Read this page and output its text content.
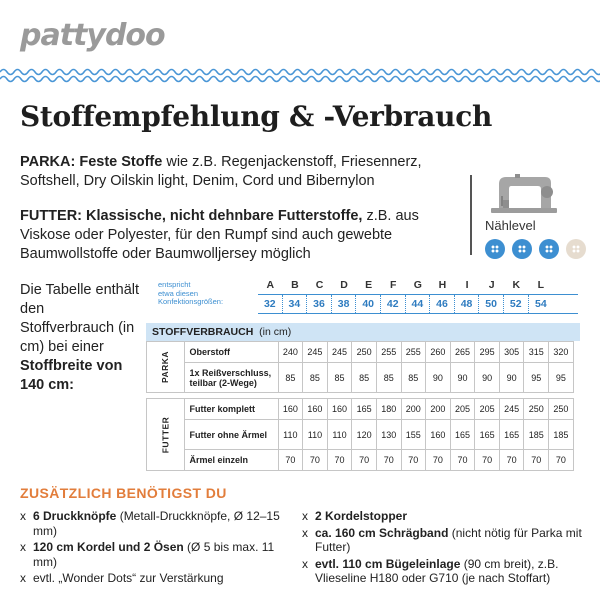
pattydoo
Stoffempfehlung & -Verbrauch

PARKA: Feste Stoffe wie z.B. Regenjackenstoff, Friesennerz, Softshell, Dry Oilskin light, Denim, Cord und Bibernylon

FUTTER: Klassische, nicht dehnbare Futterstoffe, z.B. aus Viskose oder Polyester, für den Rumpf sind auch gewebte Baumwollstoffe oder Baumwolljersey möglich

Nählevel

Die Tabelle enthält den Stoffverbrauch (in cm) bei einer Stoffbreite von 140 cm:

entspricht
etwa diesen
Konfektionsgrößen:
A	B	C	D	E	F	G	H	I	J	K	L
32	34	36	38	40	42	44	46	48	50	52	54
STOFFVERBRAUCH (in cm)
PARKA	Oberstoff	240	245	245	250	255	255	260	265	295	305	315	320
	1x Reißverschluss, teilbar (2-Wege)	85	85	85	85	85	85	90	90	90	90	95	95

FUTTER	Futter komplett	160	160	160	165	180	200	200	205	205	245	250	250
	Futter ohne Ärmel	110	110	110	120	130	155	160	165	165	165	185	185
	Ärmel einzeln	70	70	70	70	70	70	70	70	70	70	70	70
ZUSÄTZLICH BENÖTIGST DU
x 6 Druckknöpfe (Metall-Druckknöpfe, Ø 12–15 mm)
x 120 cm Kordel und 2 Ösen (Ø 5 bis max. 11 mm)
x evtl. „Wonder Dots“ zur Verstärkung
x 2 Kordelstopper
x ca. 160 cm Schrägband (nicht nötig für Parka mit Futter)
x evtl. 110 cm Bügeleinlage (90 cm breit), z.B. Vlieseline H180 oder G710 (je nach Stoffart)
